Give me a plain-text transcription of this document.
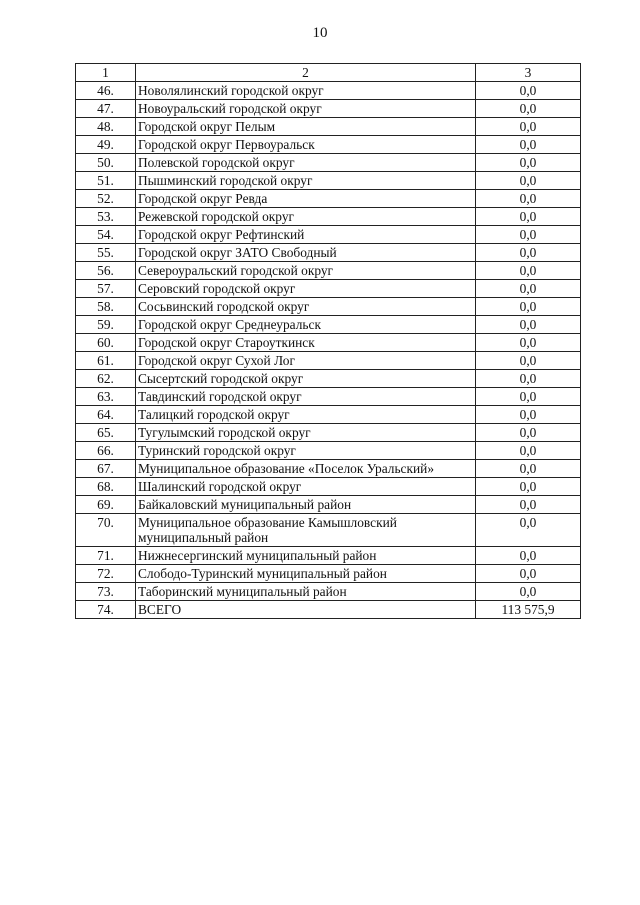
10
1	2	3
46.	Новолялинский городской округ	0,0
47.	Новоуральский городской округ	0,0
48.	Городской округ Пелым	0,0
49.	Городской округ Первоуральск	0,0
50.	Полевской городской округ	0,0
51.	Пышминский городской округ	0,0
52.	Городской округ Ревда	0,0
53.	Режевской городской округ	0,0
54.	Городской округ Рефтинский	0,0
55.	Городской округ ЗАТО Свободный	0,0
56.	Североуральский городской округ	0,0
57.	Серовский городской округ	0,0
58.	Сосьвинский городской округ	0,0
59.	Городской округ Среднеуральск	0,0
60.	Городской округ Староуткинск	0,0
61.	Городской округ Сухой Лог	0,0
62.	Сысертский городской округ	0,0
63.	Тавдинский городской округ	0,0
64.	Талицкий городской округ	0,0
65.	Тугулымский городской округ	0,0
66.	Туринский городской округ	0,0
67.	Муниципальное образование «Поселок Уральский»	0,0
68.	Шалинский городской округ	0,0
69.	Байкаловский муниципальный район	0,0
70.	Муниципальное образование Камышловский муниципальный район	0,0
71.	Нижнесергинский муниципальный район	0,0
72.	Слободо-Туринский муниципальный район	0,0
73.	Таборинский муниципальный район	0,0
74.	ВСЕГО	113 575,9
